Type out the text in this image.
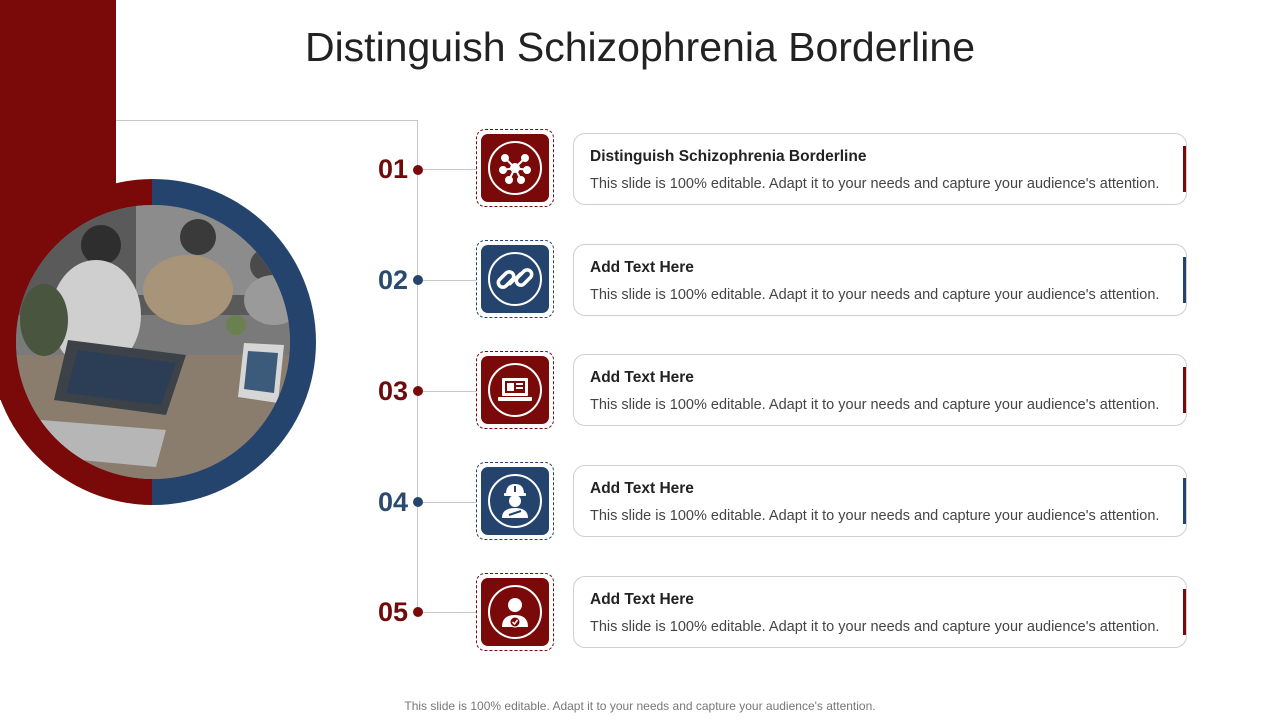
Distinguish Schizophrenia Borderline
01	Distinguish Schizophrenia Borderline
This slide is 100% editable. Adapt it to your needs and capture your audience's attention.
02	Add Text Here
This slide is 100% editable. Adapt it to your needs and capture your audience's attention.
03	Add Text Here
This slide is 100% editable. Adapt it to your needs and capture your audience's attention.
04	Add Text Here
This slide is 100% editable. Adapt it to your needs and capture your audience's attention.
05	Add Text Here
This slide is 100% editable. Adapt it to your needs and capture your audience's attention.
This slide is 100% editable. Adapt it to your needs and capture your audience's attention.
